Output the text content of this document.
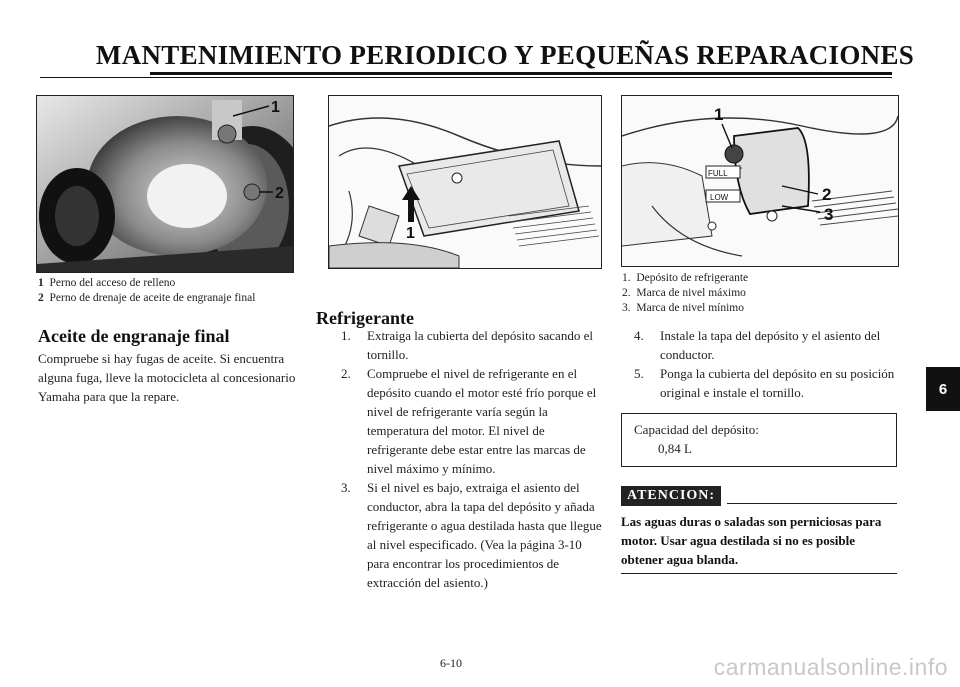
MANTENIMIENTO PERIODICO Y PEQUEÑAS REPARACIONES
1
2
1 Perno del acceso de relleno
2 Perno de drenaje de aceite de engranaje final
Aceite de engranaje final
Compruebe si hay fugas de aceite. Si encuentra alguna fuga, lleve la motocicleta al concesionario Yamaha para que la repare.
1
Refrigerante
1. Extraiga la cubierta del depósito sacando el tornillo.
2. Compruebe el nivel de refrigerante en el depósito cuando el motor esté frío porque el nivel de refrigerante varía según la temperatura del motor. El nivel de refrigerante debe estar entre las marcas de nivel máximo y mínimo.
3. Si el nivel es bajo, extraiga el asiento del conductor, abra la tapa del depósito y añada refrigerante o agua destilada hasta que llegue al nivel especificado. (Vea la página 3-10 para encontrar los procedimientos de extracción del asiento.)
FULL
LOW
1
2
3
1. Depósito de refrigerante
2. Marca de nivel máximo
3. Marca de nivel mínimo
4. Instale la tapa del depósito y el asiento del conductor.
5. Ponga la cubierta del depósito en su posición original e instale el tornillo.
Capacidad del depósito:
0,84 L
ATENCION:
Las aguas duras o saladas son perniciosas para motor. Usar agua destilada si no es posible obtener agua blanda.
6
6-10	carmanualsonline.info
